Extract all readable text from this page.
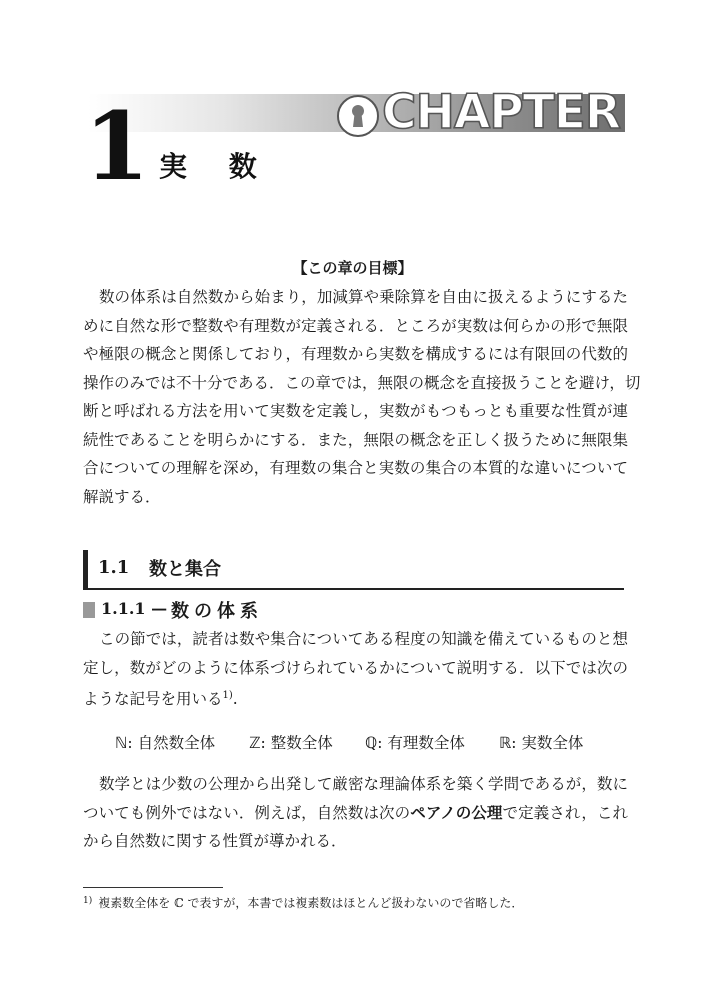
CHAPTER
1 実 数
【この章の目標】
数の体系は自然数から始まり，加減算や乗除算を自由に扱えるようにするた
めに自然な形で整数や有理数が定義される．ところが実数は何らかの形で無限
や極限の概念と関係しており，有理数から実数を構成するには有限回の代数的
操作のみでは不十分である．この章では，無限の概念を直接扱うことを避け，切
断と呼ばれる方法を用いて実数を定義し，実数がもつもっとも重要な性質が連
続性であることを明らかにする．また，無限の概念を正しく扱うために無限集
合についての理解を深め，有理数の集合と実数の集合の本質的な違いについて
解説する．
1.1 数と集合
1.1.1 — 数の体系
この節では，読者は数や集合についてある程度の知識を備えているものと想
定し，数がどのように体系づけられているかについて説明する．以下では次の
ような記号を用いる$^{1)}$.
ℕ: 自然数全体 ℤ: 整数全体 ℚ: 有理数全体 ℝ: 実数全体
数学とは少数の公理から出発して厳密な理論体系を築く学問であるが，数に
ついても例外ではない．例えば，自然数は次のペアノの公理で定義され，これ
から自然数に関する性質が導かれる．
$^{1)}$ 複素数全体を ℂ で表すが，本書では複素数はほとんど扱わないので省略した．
